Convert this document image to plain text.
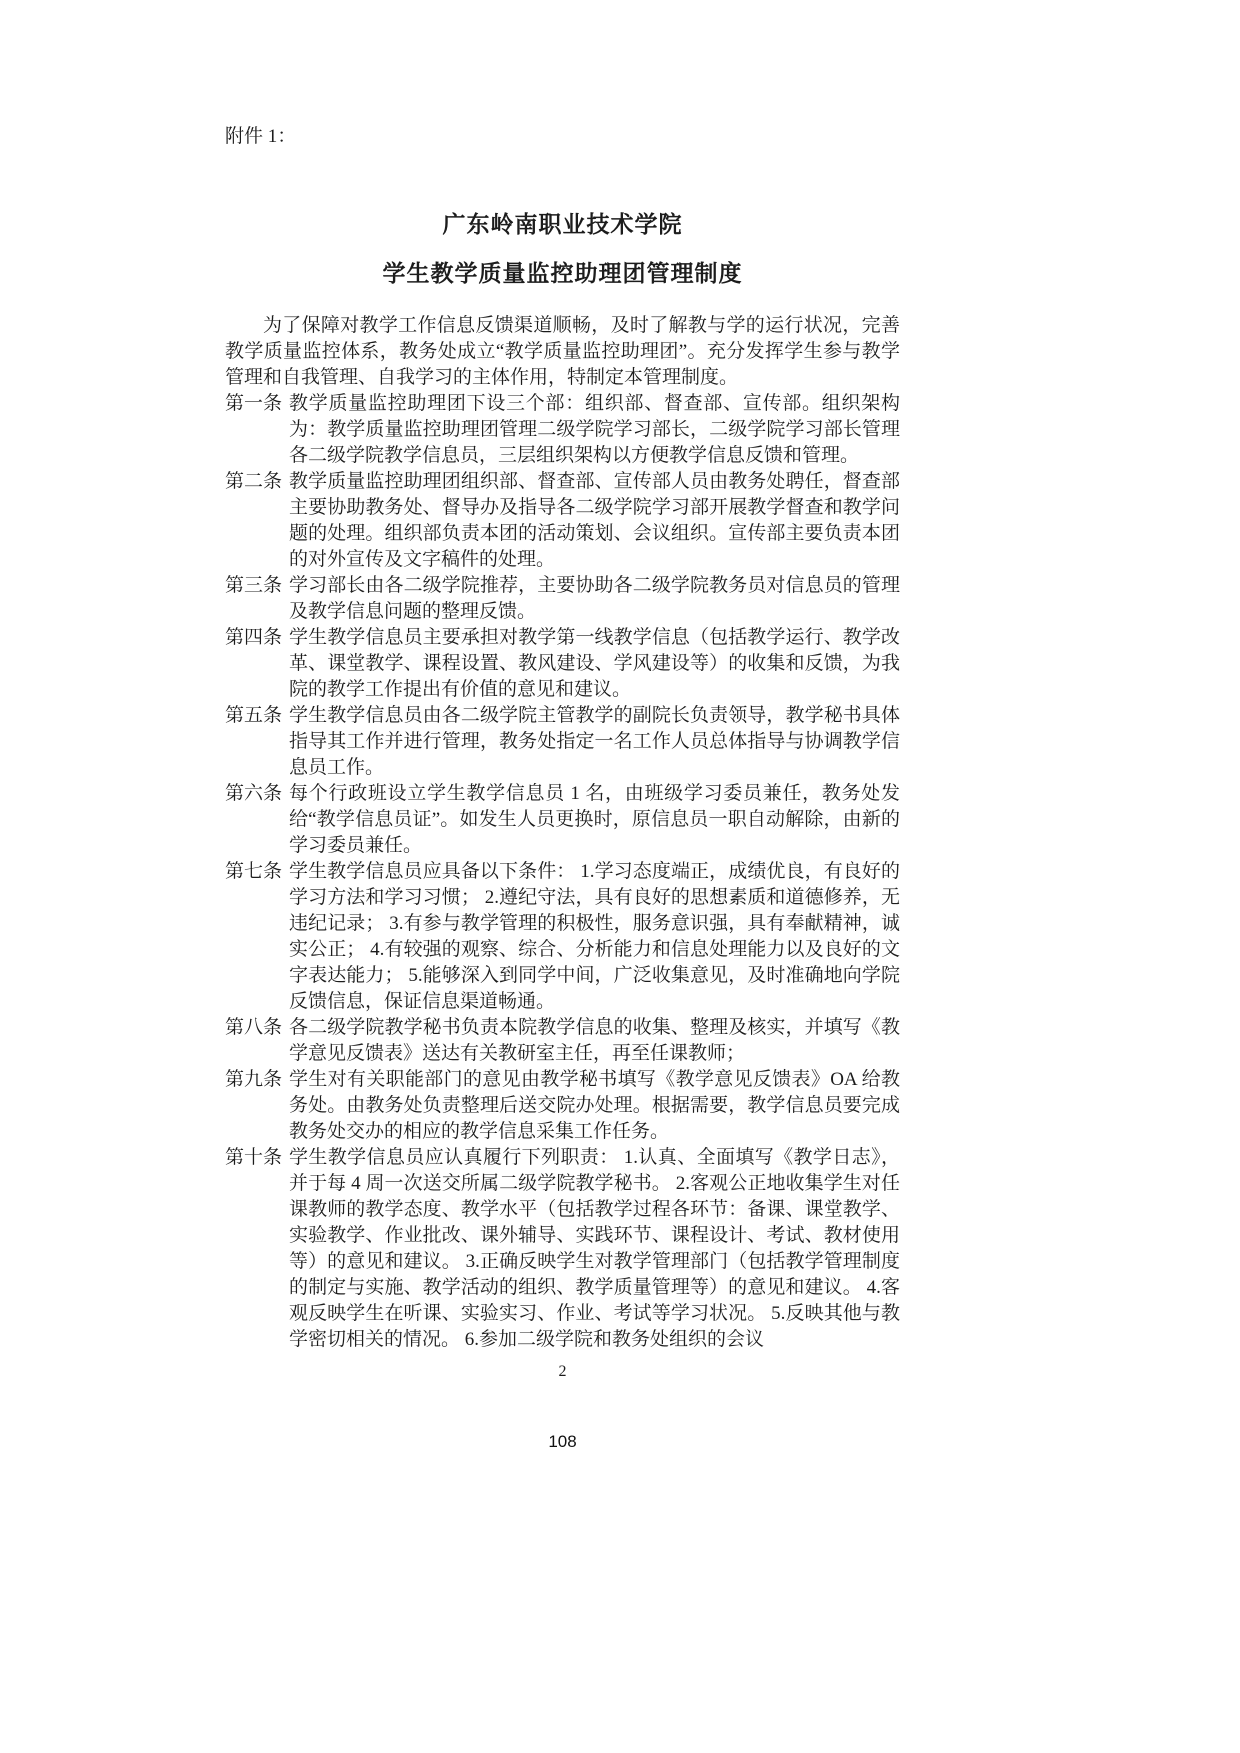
附件 1：
广东岭南职业技术学院
学生教学质量监控助理团管理制度

为了保障对教学工作信息反馈渠道顺畅，及时了解教与学的运行状况，完善教学质量监控体系，教务处成立“教学质量监控助理团”。充分发挥学生参与教学管理和自我管理、自我学习的主体作用，特制定本管理制度。

第一条 教学质量监控助理团下设三个部：组织部、督查部、宣传部。组织架构为：教学质量监控助理团管理二级学院学习部长，二级学院学习部长管理各二级学院教学信息员，三层组织架构以方便教学信息反馈和管理。
第二条 教学质量监控助理团组织部、督查部、宣传部人员由教务处聘任，督查部主要协助教务处、督导办及指导各二级学院学习部开展教学督查和教学问题的处理。组织部负责本团的活动策划、会议组织。宣传部主要负责本团的对外宣传及文字稿件的处理。
第三条 学习部长由各二级学院推荐，主要协助各二级学院教务员对信息员的管理及教学信息问题的整理反馈。
第四条 学生教学信息员主要承担对教学第一线教学信息（包括教学运行、教学改革、课堂教学、课程设置、教风建设、学风建设等）的收集和反馈，为我院的教学工作提出有价值的意见和建议。
第五条 学生教学信息员由各二级学院主管教学的副院长负责领导，教学秘书具体指导其工作并进行管理，教务处指定一名工作人员总体指导与协调教学信息员工作。
第六条 每个行政班设立学生教学信息员 1 名，由班级学习委员兼任，教务处发给“教学信息员证”。如发生人员更换时，原信息员一职自动解除，由新的学习委员兼任。
第七条 学生教学信息员应具备以下条件： 1.学习态度端正，成绩优良，有良好的学习方法和学习习惯； 2.遵纪守法，具有良好的思想素质和道德修养，无违纪记录； 3.有参与教学管理的积极性，服务意识强，具有奉献精神，诚实公正； 4.有较强的观察、综合、分析能力和信息处理能力以及良好的文字表达能力； 5.能够深入到同学中间，广泛收集意见，及时准确地向学院反馈信息，保证信息渠道畅通。
第八条 各二级学院教学秘书负责本院教学信息的收集、整理及核实，并填写《教学意见反馈表》送达有关教研室主任，再至任课教师；
第九条 学生对有关职能部门的意见由教学秘书填写《教学意见反馈表》OA 给教务处。由教务处负责整理后送交院办处理。根据需要，教学信息员要完成教务处交办的相应的教学信息采集工作任务。
第十条 学生教学信息员应认真履行下列职责： 1.认真、全面填写《教学日志》，并于每 4 周一次送交所属二级学院教学秘书。 2.客观公正地收集学生对任课教师的教学态度、教学水平（包括教学过程各环节：备课、课堂教学、实验教学、作业批改、课外辅导、实践环节、课程设计、考试、教材使用等）的意见和建议。 3.正确反映学生对教学管理部门（包括教学管理制度的制定与实施、教学活动的组织、教学质量管理等）的意见和建议。 4.客观反映学生在听课、实验实习、作业、考试等学习状况。 5.反映其他与教学密切相关的情况。 6.参加二级学院和教务处组织的会议
2
108
